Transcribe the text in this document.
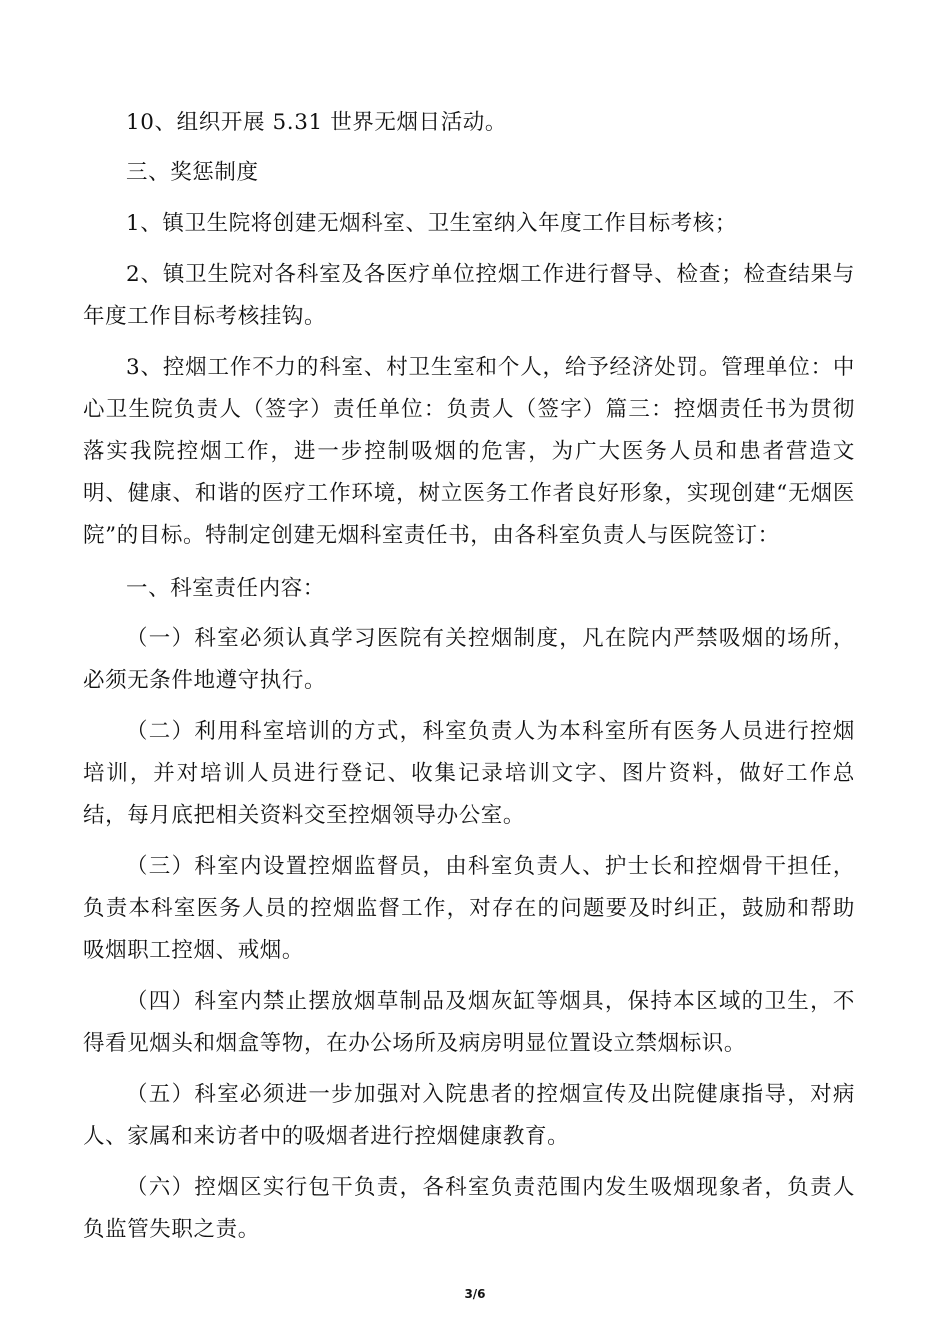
10、组织开展 5.31 世界无烟日活动。

三、奖惩制度

1、镇卫生院将创建无烟科室、卫生室纳入年度工作目标考核；

2、镇卫生院对各科室及各医疗单位控烟工作进行督导、检查；检查结果与年度工作目标考核挂钩。

3、控烟工作不力的科室、村卫生室和个人，给予经济处罚。管理单位：中心卫生院负责人（签字）责任单位：负责人（签字）篇三：控烟责任书为贯彻落实我院控烟工作，进一步控制吸烟的危害，为广大医务人员和患者营造文明、健康、和谐的医疗工作环境，树立医务工作者良好形象，实现创建“无烟医院”的目标。特制定创建无烟科室责任书，由各科室负责人与医院签订：

一、科室责任内容：

（一）科室必须认真学习医院有关控烟制度，凡在院内严禁吸烟的场所，必须无条件地遵守执行。

（二）利用科室培训的方式，科室负责人为本科室所有医务人员进行控烟培训，并对培训人员进行登记、收集记录培训文字、图片资料，做好工作总结，每月底把相关资料交至控烟领导办公室。

（三）科室内设置控烟监督员，由科室负责人、护士长和控烟骨干担任，负责本科室医务人员的控烟监督工作，对存在的问题要及时纠正，鼓励和帮助吸烟职工控烟、戒烟。

（四）科室内禁止摆放烟草制品及烟灰缸等烟具，保持本区域的卫生，不得看见烟头和烟盒等物，在办公场所及病房明显位置设立禁烟标识。

（五）科室必须进一步加强对入院患者的控烟宣传及出院健康指导，对病人、家属和来访者中的吸烟者进行控烟健康教育。

（六）控烟区实行包干负责，各科室负责范围内发生吸烟现象者，负责人负监管失职之责。

3/6
